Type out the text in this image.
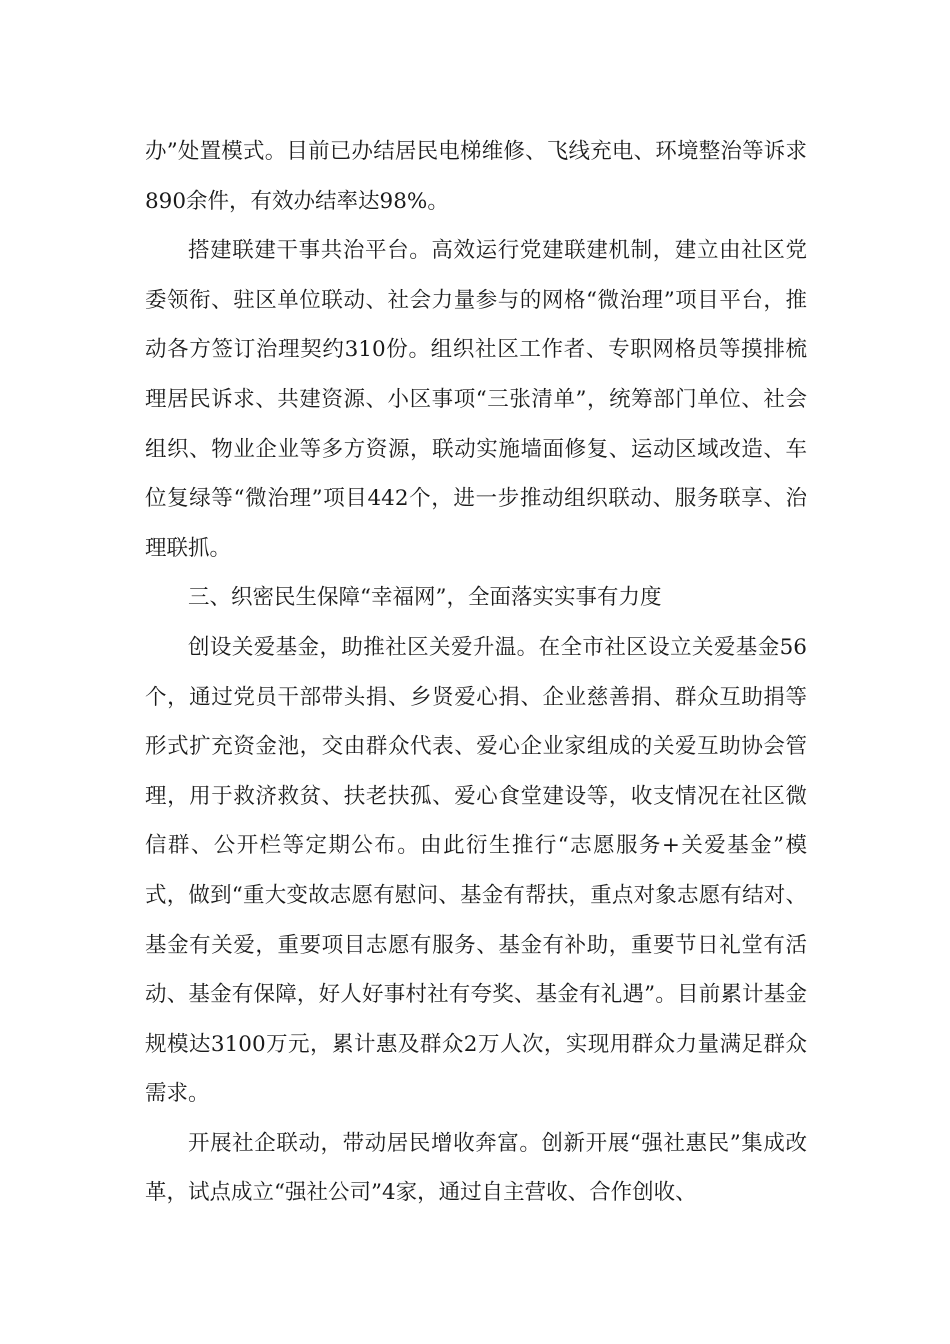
办”处置模式。目前已办结居民电梯维修、飞线充电、环境整治等诉求890余件，有效办结率达98%。

搭建联建干事共治平台。高效运行党建联建机制，建立由社区党委领衔、驻区单位联动、社会力量参与的网格“微治理”项目平台，推动各方签订治理契约310份。组织社区工作者、专职网格员等摸排梳理居民诉求、共建资源、小区事项“三张清单”，统筹部门单位、社会组织、物业企业等多方资源，联动实施墙面修复、运动区域改造、车位复绿等“微治理”项目442个，进一步推动组织联动、服务联享、治理联抓。

三、织密民生保障“幸福网”，全面落实实事有力度

创设关爱基金，助推社区关爱升温。在全市社区设立关爱基金56个，通过党员干部带头捐、乡贤爱心捐、企业慈善捐、群众互助捐等形式扩充资金池，交由群众代表、爱心企业家组成的关爱互助协会管理，用于救济救贫、扶老扶孤、爱心食堂建设等，收支情况在社区微信群、公开栏等定期公布。由此衍生推行“志愿服务+关爱基金”模式，做到“重大变故志愿有慰问、基金有帮扶，重点对象志愿有结对、基金有关爱，重要项目志愿有服务、基金有补助，重要节日礼堂有活动、基金有保障，好人好事村社有夸奖、基金有礼遇”。目前累计基金规模达3100万元，累计惠及群众2万人次，实现用群众力量满足群众需求。

开展社企联动，带动居民增收奔富。创新开展“强社惠民”集成改革，试点成立“强社公司”4家，通过自主营收、合作创收、
